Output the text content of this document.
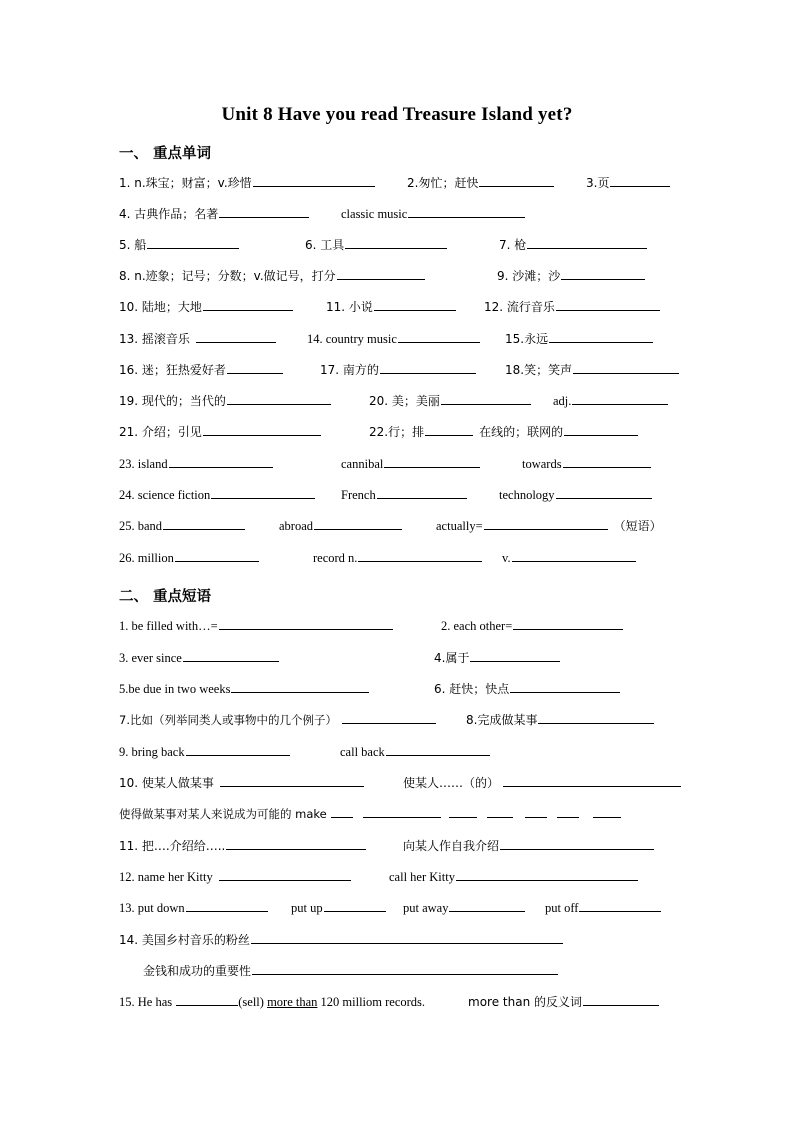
Unit 8 Have you read Treasure Island yet?
一、 重点单词
1. n.珠宝；财富；v.珍惜	2.匆忙；赶快	3.页
4. 古典作品；名著	classic music
5. 船	6. 工具	7. 枪
8. n.迹象；记号；分数；v.做记号，打分	9. 沙滩；沙
10. 陆地；大地	11. 小说	12. 流行音乐
13. 摇滚音乐	14. country music	15.永远
16. 迷；狂热爱好者	17. 南方的	18.笑；笑声
19. 现代的；当代的	20. 美；美丽	adj.
21. 介绍；引见	22.行；排	在线的；联网的
23. island	cannibal	towards
24. science fiction	French	technology
25. band	abroad	actually=	（短语）
26. million	record n.	v.
二、 重点短语
1. be filled with…=	2. each other=
3. ever since	4.属于
5.be due in two weeks	6. 赶快；快点
7.比如（列举同类人或事物中的几个例子）	8.完成做某事
9. bring back	call back
10. 使某人做某事	使某人……（的）
使得做某事对某人来说成为可能的 make
11. 把….介绍给…..	向某人作自我介绍
12. name her Kitty	call her Kitty
13. put down	put up	put away	put off
14. 美国乡村音乐的粉丝
金钱和成功的重要性
15. He has	(sell) more than 120 milliom records.	more than 的反义词
